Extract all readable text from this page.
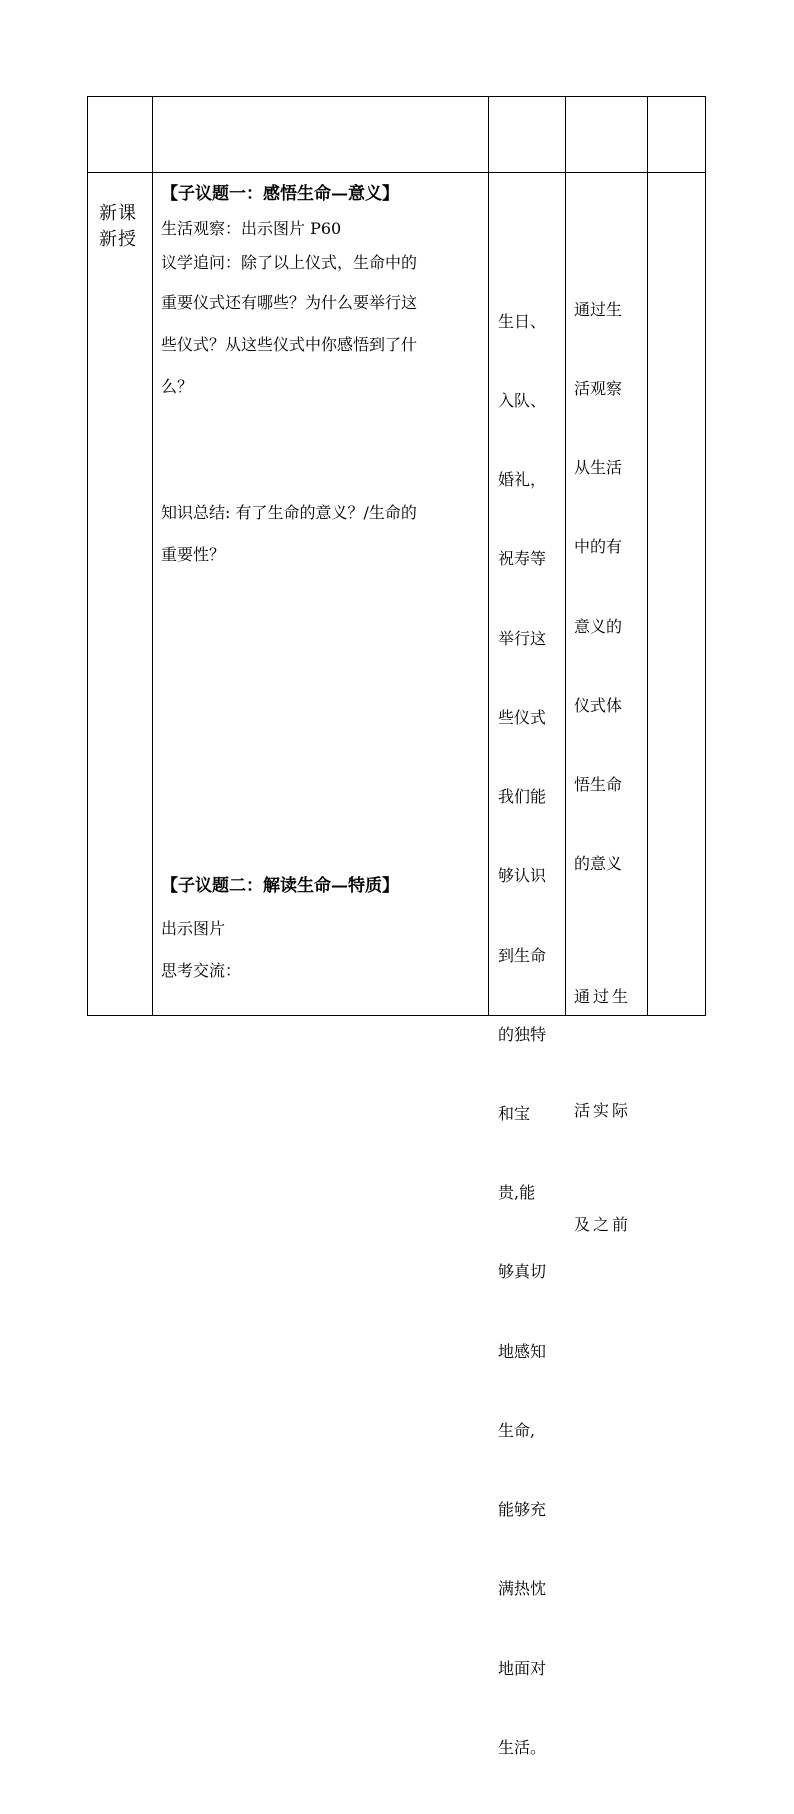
新课
新授
【子议题一：感悟生命—意义】
生活观察：出示图片 P60
议学追问：除了以上仪式，生命中的
重要仪式还有哪些？为什么要举行这
些仪式？从这些仪式中你感悟到了什
么？
知识总结: 有了生命的意义？/生命的
重要性？
【子议题二：解读生命—特质】
出示图片
思考交流：

生日、

入队、

婚礼，

祝寿等

举行这

些仪式

我们能

够认识

到生命

的独特

和宝

贵,能

够真切

地感知

生命,

能够充

满热忱

地面对

生活。

通过生

活观察

从生活

中的有

意义的

仪式体

悟生命

的意义

通过生

活实际

及之前
